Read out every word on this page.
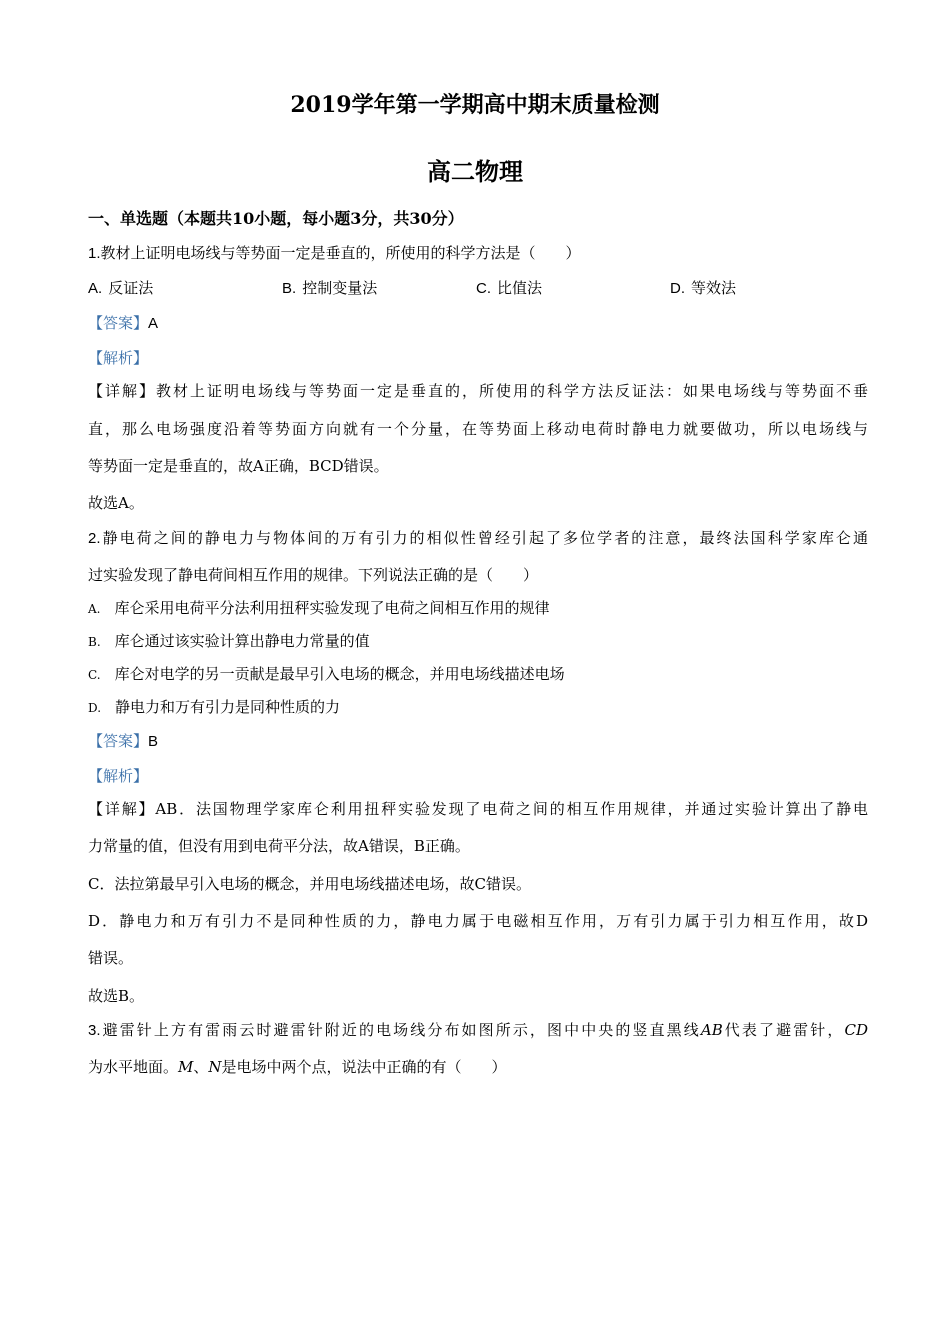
2019学年第一学期高中期末质量检测
高二物理
一、单选题（本题共10小题，每小题3分，共30分）
1.教材上证明电场线与等势面一定是垂直的，所使用的科学方法是（　　）
A. 反证法	B. 控制变量法	C. 比值法	D. 等效法
【答案】A
【解析】
【详解】教材上证明电场线与等势面一定是垂直的，所使用的科学方法反证法：如果电场线与等势面不垂
直，那么电场强度沿着等势面方向就有一个分量，在等势面上移动电荷时静电力就要做功，所以电场线与
等势面一定是垂直的，故A正确，BCD错误。
故选A。
2.静电荷之间的静电力与物体间的万有引力的相似性曾经引起了多位学者的注意，最终法国科学家库仑通
过实验发现了静电荷间相互作用的规律。下列说法正确的是（　　）
A. 库仑采用电荷平分法利用扭秤实验发现了电荷之间相互作用的规律
B. 库仑通过该实验计算出静电力常量的值
C. 库仑对电学的另一贡献是最早引入电场的概念，并用电场线描述电场
D. 静电力和万有引力是同种性质的力
【答案】B
【解析】
【详解】AB．法国物理学家库仑利用扭秤实验发现了电荷之间的相互作用规律，并通过实验计算出了静电
力常量的值，但没有用到电荷平分法，故A错误，B正确。
C．法拉第最早引入电场的概念，并用电场线描述电场，故C错误。
D．静电力和万有引力不是同种性质的力，静电力属于电磁相互作用，万有引力属于引力相互作用，故D
错误。
故选B。
3.避雷针上方有雷雨云时避雷针附近的电场线分布如图所示，图中中央的竖直黑线AB代表了避雷针，CD
为水平地面。M、N是电场中两个点，说法中正确的有（　　）
